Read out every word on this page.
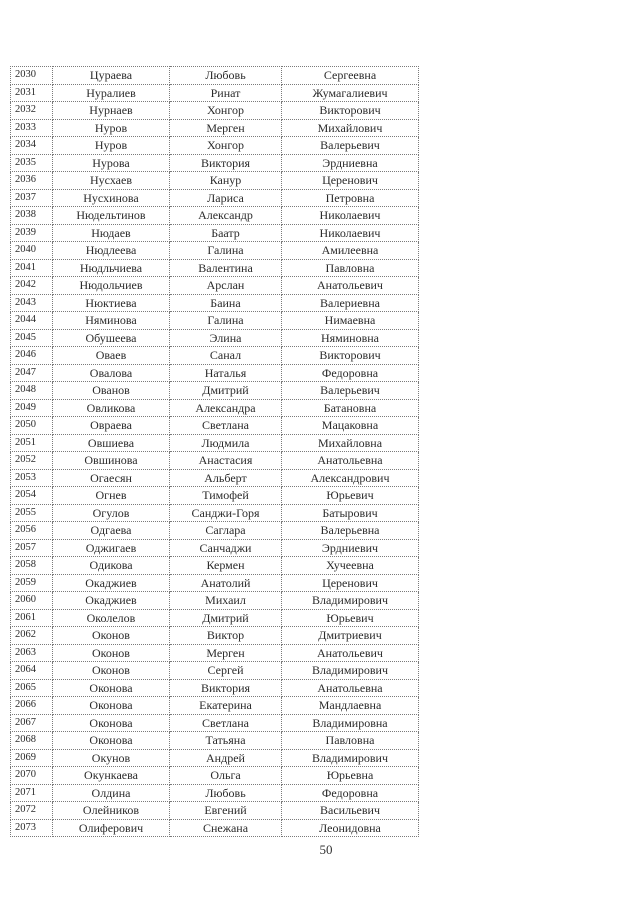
2030	Цураева	Любовь	Сергеевна
2031	Нуралиев	Ринат	Жумагалиевич
2032	Нурнаев	Хонгор	Викторович
2033	Нуров	Мерген	Михайлович
2034	Нуров	Хонгор	Валерьевич
2035	Нурова	Виктория	Эрдниевна
2036	Нусхаев	Канур	Церенович
2037	Нусхинова	Лариса	Петровна
2038	Нюдельтинов	Александр	Николаевич
2039	Нюдаев	Баатр	Николаевич
2040	Нюдлеева	Галина	Амилеевна
2041	Нюдльчиева	Валентина	Павловна
2042	Нюдольчиев	Арслан	Анатольевич
2043	Нюктиева	Баина	Валериевна
2044	Няминова	Галина	Нимаевна
2045	Обушеева	Элина	Няминовна
2046	Оваев	Санал	Викторович
2047	Овалова	Наталья	Федоровна
2048	Ованов	Дмитрий	Валерьевич
2049	Овликова	Александра	Батановна
2050	Овраева	Светлана	Мацаковна
2051	Овшиева	Людмила	Михайловна
2052	Овшинова	Анастасия	Анатольевна
2053	Огаесян	Альберт	Александрович
2054	Огнев	Тимофей	Юрьевич
2055	Огулов	Санджи-Горя	Батырович
2056	Одгаева	Саглара	Валерьевна
2057	Оджигаев	Санчаджи	Эрдниевич
2058	Одикова	Кермен	Хучеевна
2059	Окаджиев	Анатолий	Церенович
2060	Окаджиев	Михаил	Владимирович
2061	Околелов	Дмитрий	Юрьевич
2062	Оконов	Виктор	Дмитриевич
2063	Оконов	Мерген	Анатольевич
2064	Оконов	Сергей	Владимирович
2065	Оконова	Виктория	Анатольевна
2066	Оконова	Екатерина	Мандлаевна
2067	Оконова	Светлана	Владимировна
2068	Оконова	Татьяна	Павловна
2069	Окунов	Андрей	Владимирович
2070	Окункаева	Ольга	Юрьевна
2071	Олдина	Любовь	Федоровна
2072	Олейников	Евгений	Васильевич
2073	Олиферович	Снежана	Леонидовна
50
